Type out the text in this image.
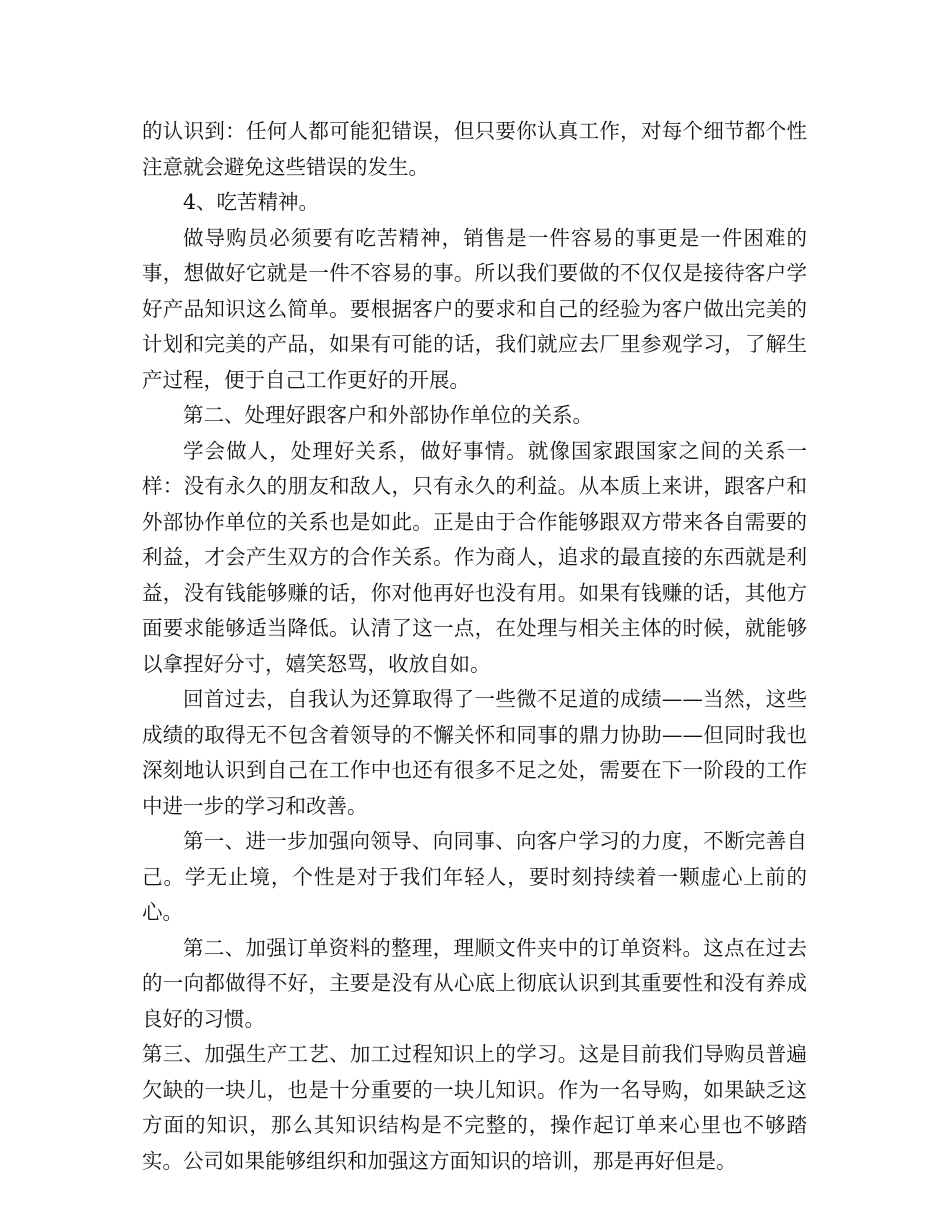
的认识到：任何人都可能犯错误，但只要你认真工作，对每个细节都个性注意就会避免这些错误的发生。

4、吃苦精神。

做导购员必须要有吃苦精神，销售是一件容易的事更是一件困难的事，想做好它就是一件不容易的事。所以我们要做的不仅仅是接待客户学好产品知识这么简单。要根据客户的要求和自己的经验为客户做出完美的计划和完美的产品，如果有可能的话，我们就应去厂里参观学习，了解生产过程，便于自己工作更好的开展。

第二、处理好跟客户和外部协作单位的关系。

学会做人，处理好关系，做好事情。就像国家跟国家之间的关系一样：没有永久的朋友和敌人，只有永久的利益。从本质上来讲，跟客户和外部协作单位的关系也是如此。正是由于合作能够跟双方带来各自需要的利益，才会产生双方的合作关系。作为商人，追求的最直接的东西就是利益，没有钱能够赚的话，你对他再好也没有用。如果有钱赚的话，其他方面要求能够适当降低。认清了这一点，在处理与相关主体的时候，就能够以拿捏好分寸，嬉笑怒骂，收放自如。

回首过去，自我认为还算取得了一些微不足道的成绩——当然，这些成绩的取得无不包含着领导的不懈关怀和同事的鼎力协助——但同时我也深刻地认识到自己在工作中也还有很多不足之处，需要在下一阶段的工作中进一步的学习和改善。

第一、进一步加强向领导、向同事、向客户学习的力度，不断完善自己。学无止境，个性是对于我们年轻人，要时刻持续着一颗虚心上前的心。

第二、加强订单资料的整理，理顺文件夹中的订单资料。这点在过去的一向都做得不好，主要是没有从心底上彻底认识到其重要性和没有养成良好的习惯。

第三、加强生产工艺、加工过程知识上的学习。这是目前我们导购员普遍欠缺的一块儿，也是十分重要的一块儿知识。作为一名导购，如果缺乏这方面的知识，那么其知识结构是不完整的，操作起订单来心里也不够踏实。公司如果能够组织和加强这方面知识的培训，那是再好但是。
